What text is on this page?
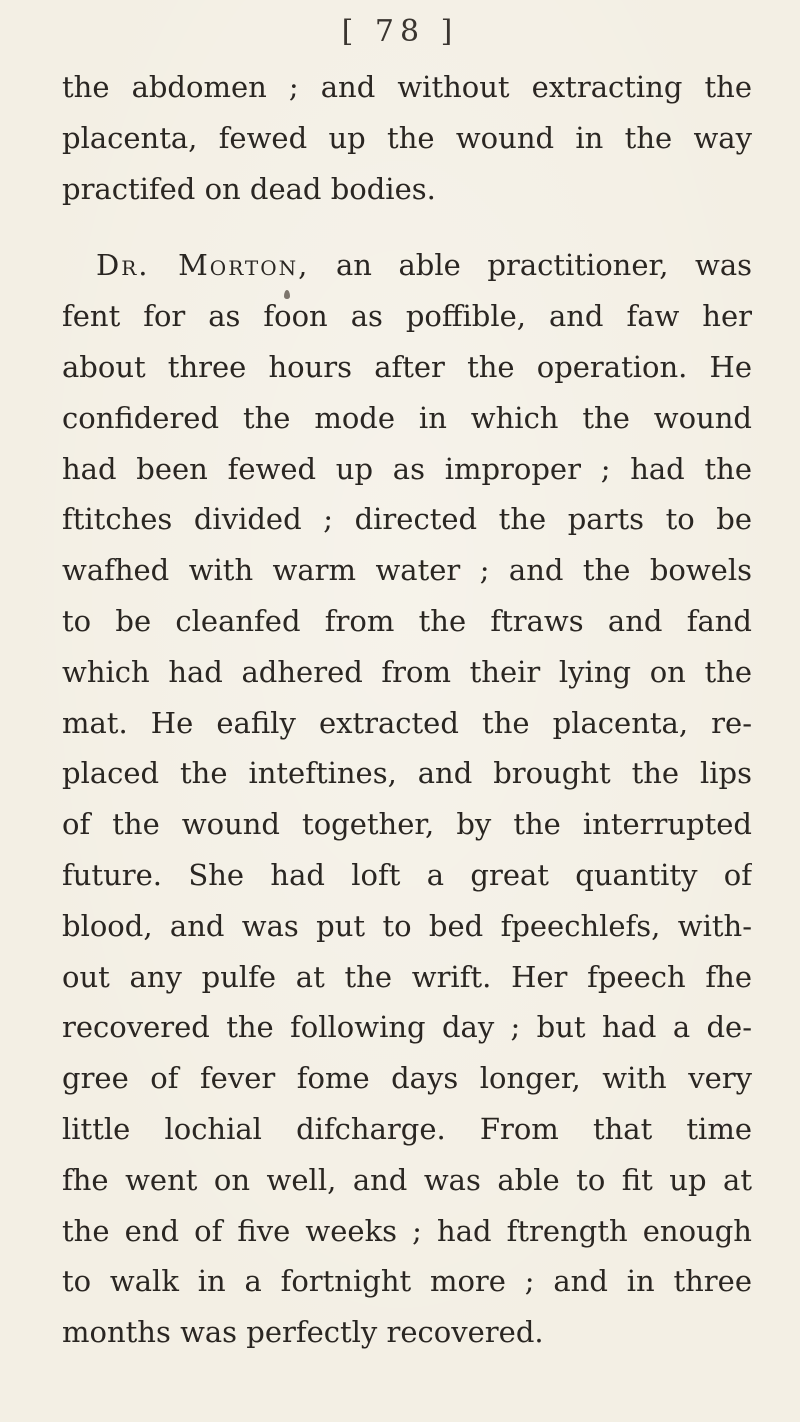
[ 78 ]
the abdomen ; and without extracting the
placenta, fewed up the wound in the way
practifed on dead bodies.
Dr. Morton, an able practitioner, was
fent for as foon as poffible, and faw her
about three hours after the operation. He
confidered the mode in which the wound
had been fewed up as improper ; had the
ftitches divided ; directed the parts to be
wafhed with warm water ; and the bowels
to be cleanfed from the ftraws and fand
which had adhered from their lying on the
mat. He eafily extracted the placenta, re-
placed the inteftines, and brought the lips
of the wound together, by the interrupted
future. She had loft a great quantity of
blood, and was put to bed fpeechlefs, with-
out any pulfe at the wrift. Her fpeech fhe
recovered the following day ; but had a de-
gree of fever fome days longer, with very
little lochial difcharge. From that time
fhe went on well, and was able to fit up at
the end of five weeks ; had ftrength enough
to walk in a fortnight more ; and in three
months was perfectly recovered.
